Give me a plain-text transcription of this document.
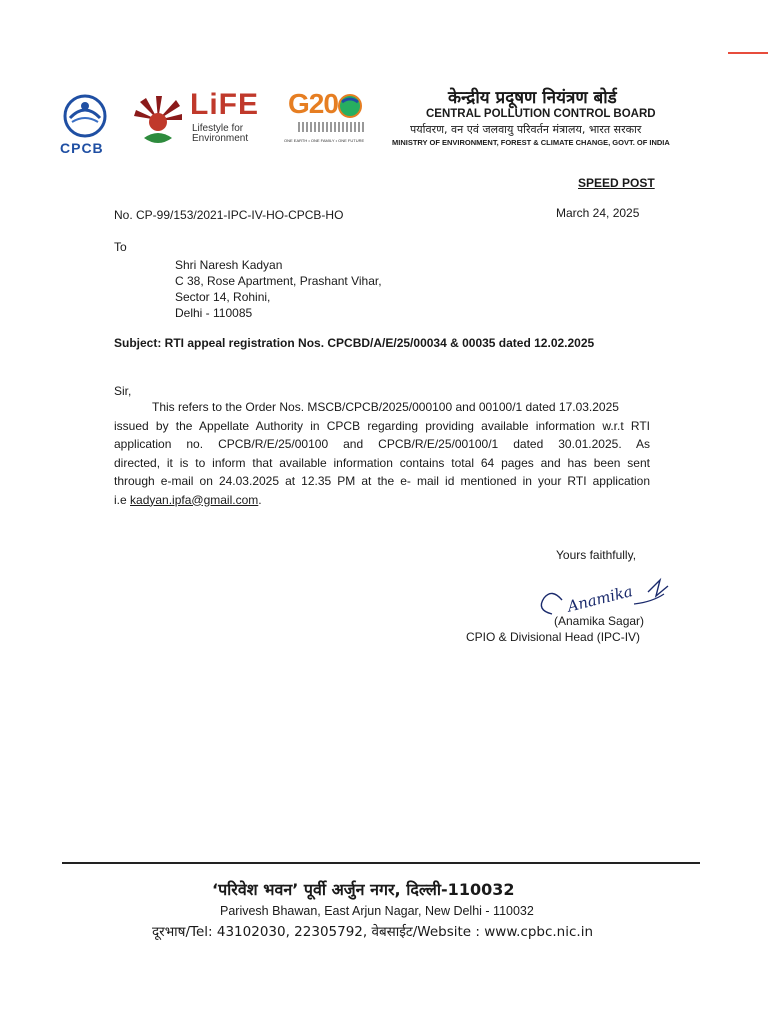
CPCB
LiFE
Lifestyle for
Environment
G20
ONE EARTH • ONE FAMILY • ONE FUTURE
केन्द्रीय प्रदूषण नियंत्रण बोर्ड
CENTRAL POLLUTION CONTROL BOARD
पर्यावरण, वन एवं जलवायु परिवर्तन मंत्रालय, भारत सरकार
MINISTRY OF ENVIRONMENT, FOREST & CLIMATE CHANGE, GOVT. OF INDIA
SPEED POST
No. CP-99/153/2021-IPC-IV-HO-CPCB-HO	March 24, 2025
To
Shri Naresh Kadyan
C 38, Rose Apartment, Prashant Vihar,
Sector 14, Rohini,
Delhi - 110085
Subject: RTI appeal registration Nos. CPCBD/A/E/25/00034 & 00035 dated 12.02.2025
Sir,
This refers to the Order Nos. MSCB/CPCB/2025/000100 and 00100/1 dated 17.03.2025
issued by the Appellate Authority in CPCB regarding providing available information w.r.t RTI
application no. CPCB/R/E/25/00100 and CPCB/R/E/25/00100/1 dated 30.01.2025. As
directed, it is to inform that available information contains total 64 pages and has been sent
through e-mail on 24.03.2025 at 12.35 PM at the e- mail id mentioned in your RTI application
i.e kadyan.ipfa@gmail.com.
Yours faithfully,
Anamika
(Anamika Sagar)
CPIO & Divisional Head (IPC-IV)
‘परिवेश भवन’ पूर्वी अर्जुन नगर, दिल्ली-110032
Parivesh Bhawan, East Arjun Nagar, New Delhi - 110032
दूरभाष/Tel: 43102030, 22305792, वेबसाईट/Website : www.cpbc.nic.in
